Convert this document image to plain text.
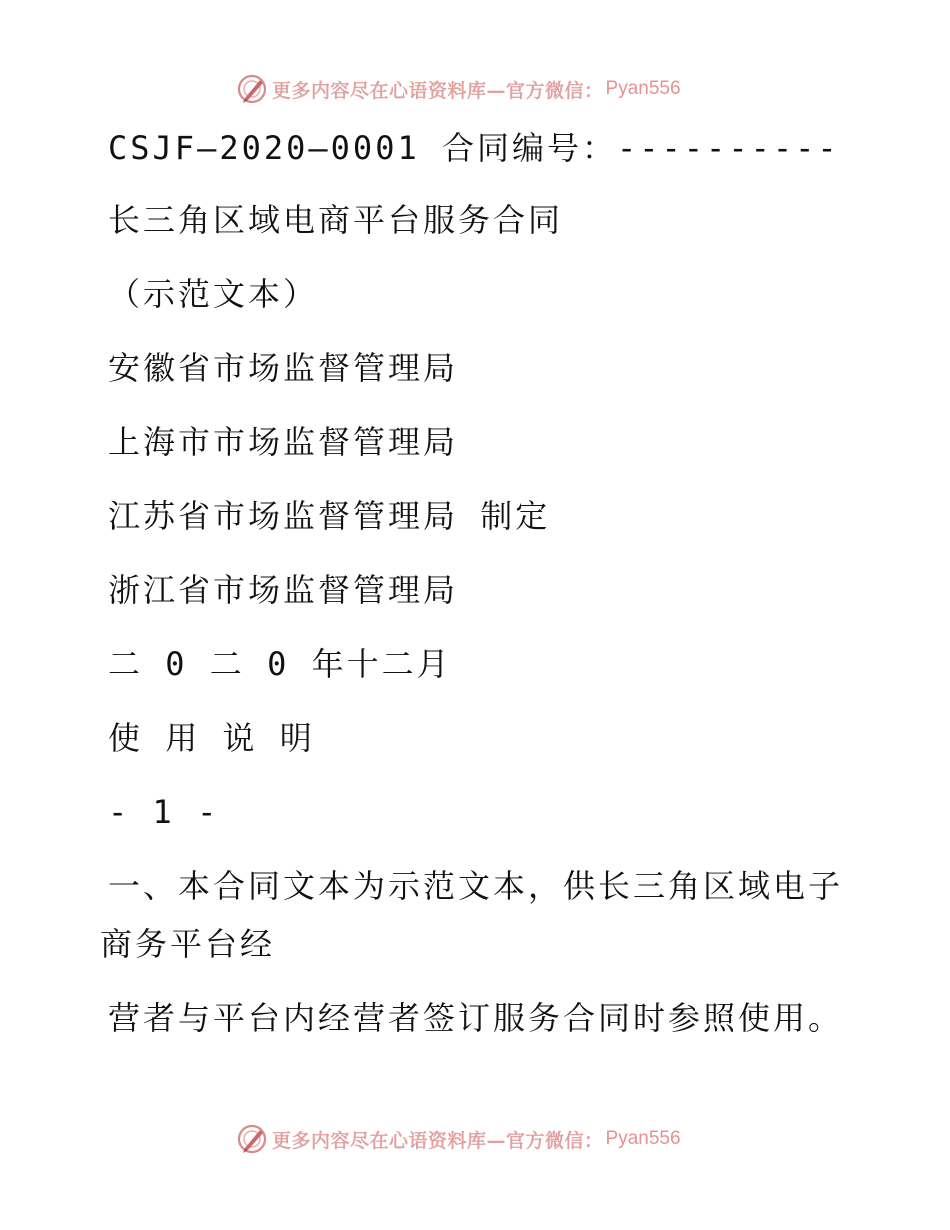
更多内容尽在心语资料库—官方微信： Pyan556
CSJF—2020—0001 合同编号：----------
长三角区域电商平台服务合同
（示范文本）
安徽省市场监督管理局
上海市市场监督管理局
江苏省市场监督管理局 制定
浙江省市场监督管理局
二 0 二 0 年十二月
使 用 说 明
- 1 -
一、本合同文本为示范文本，供长三角区域电子
商务平台经
营者与平台内经营者签订服务合同时参照使用。
更多内容尽在心语资料库—官方微信： Pyan556
